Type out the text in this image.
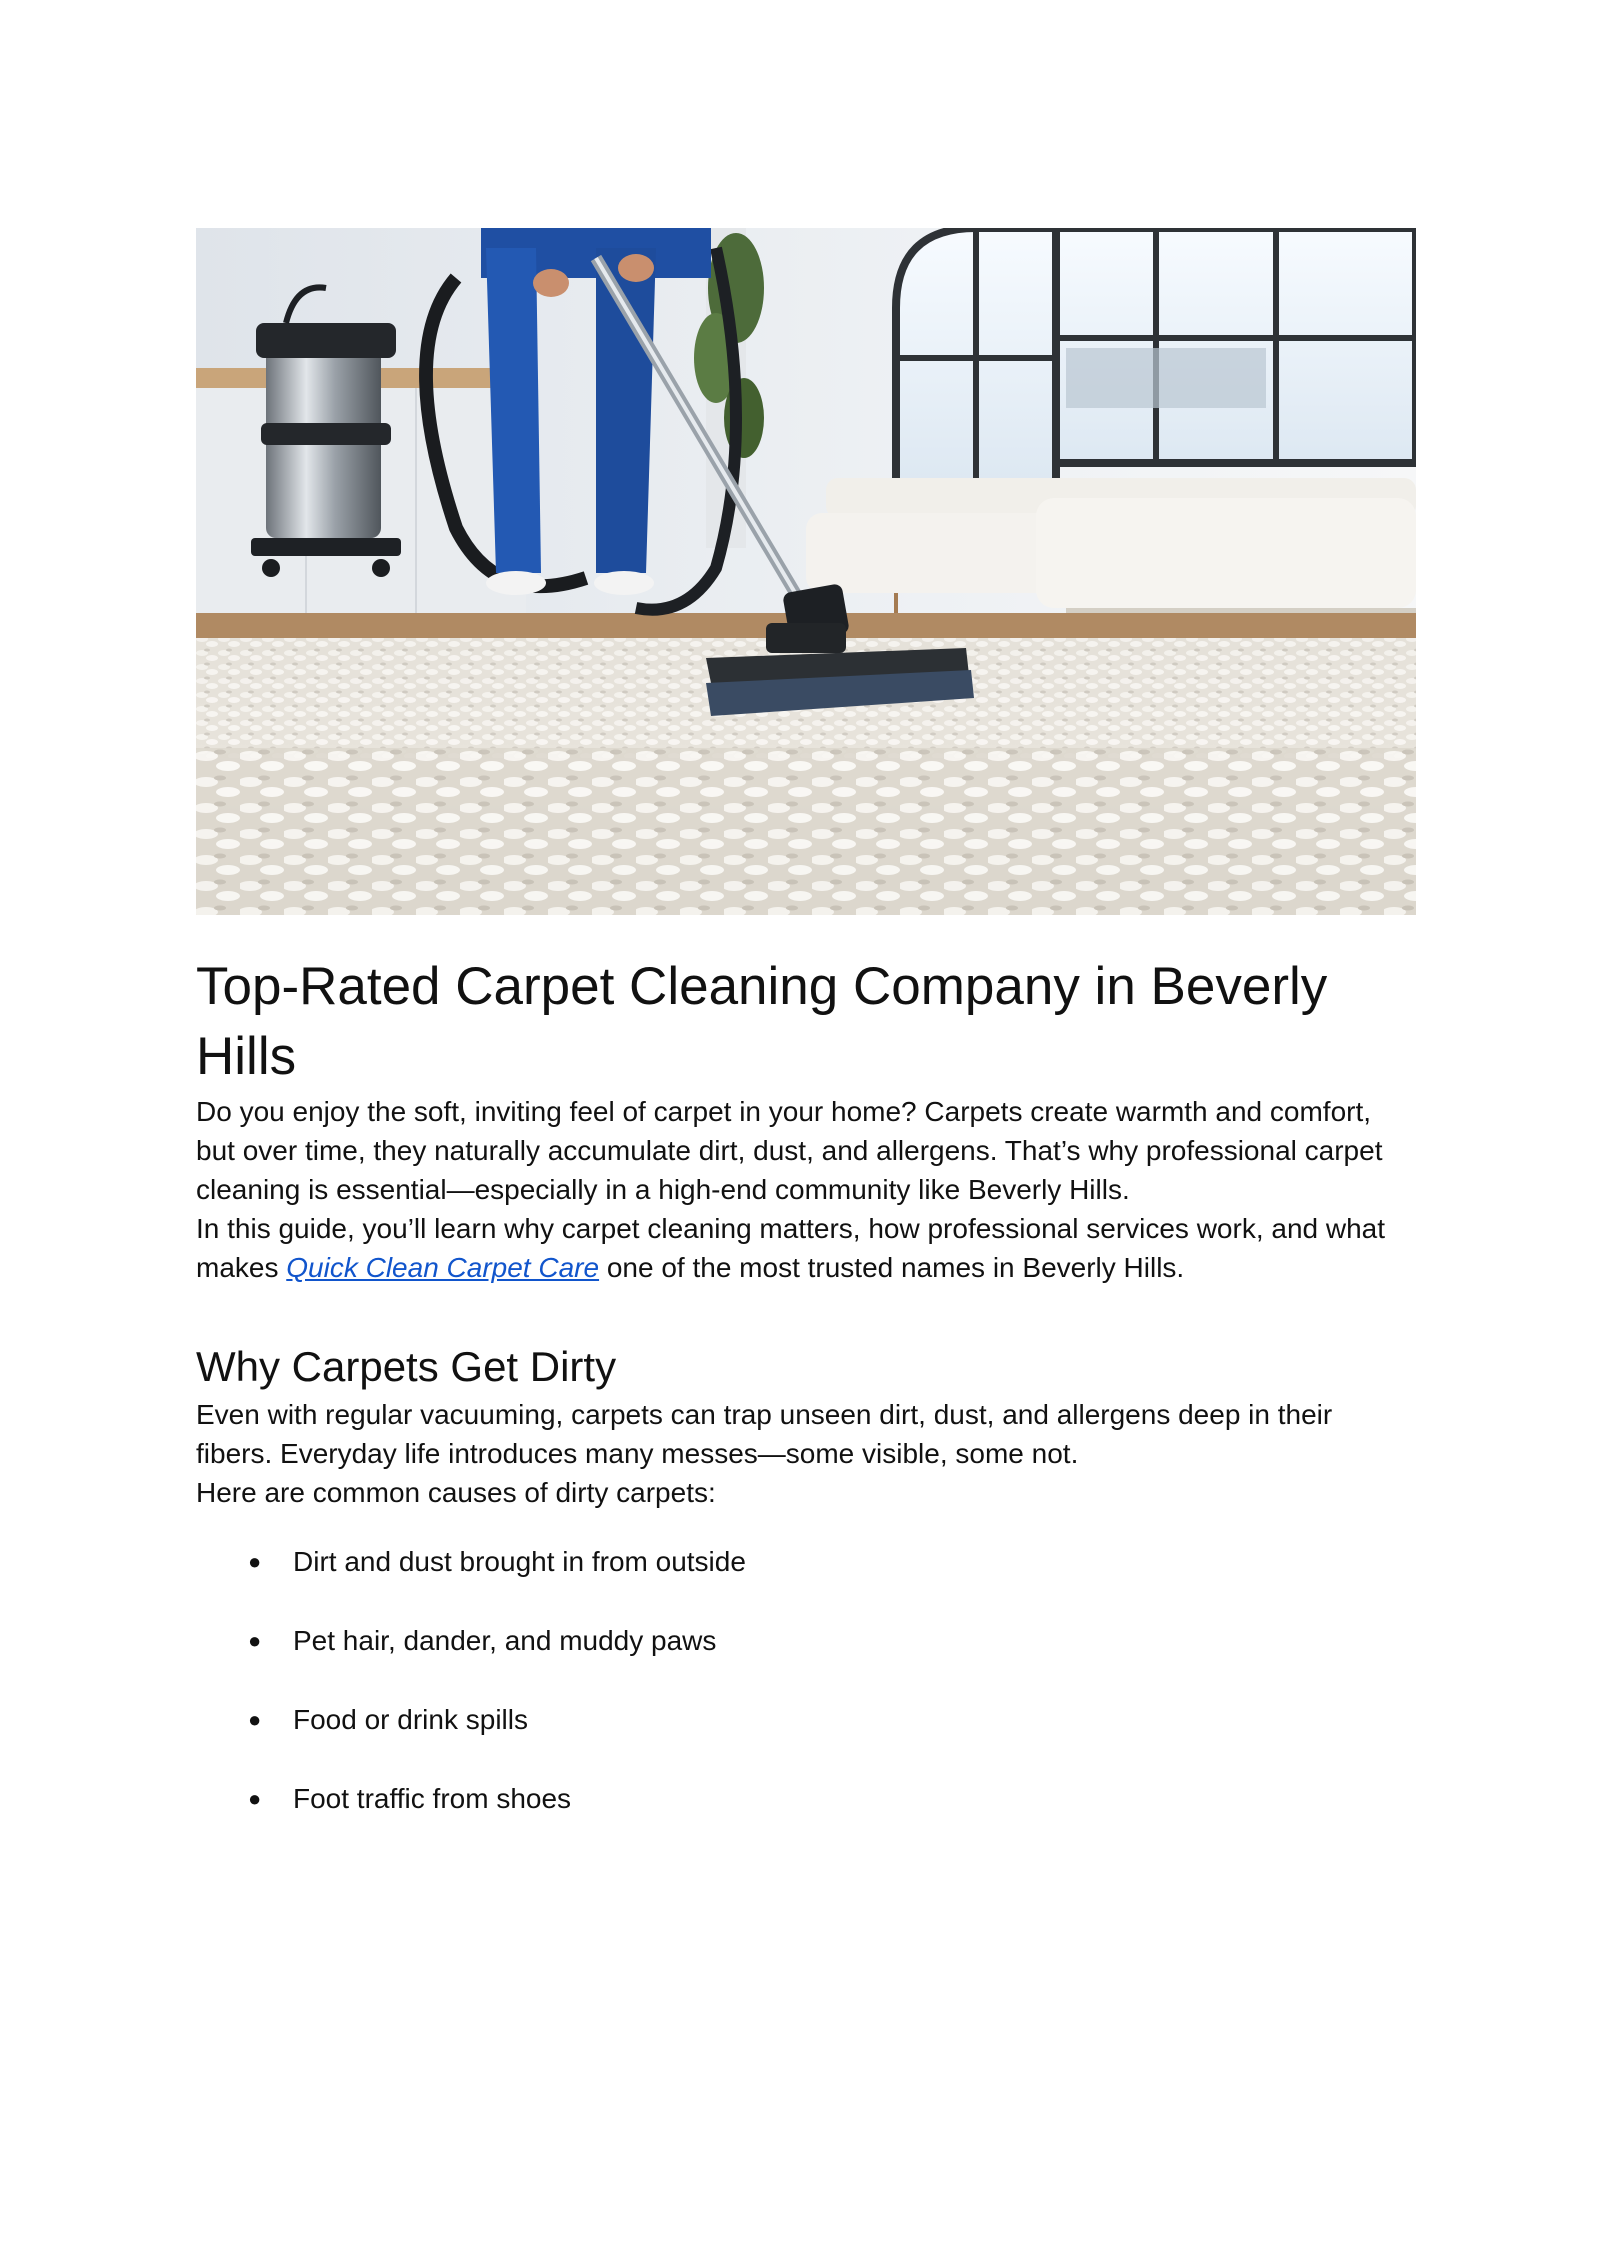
Top-Rated Carpet Cleaning Company in Beverly Hills

Do you enjoy the soft, inviting feel of carpet in your home? Carpets create warmth and comfort, but over time, they naturally accumulate dirt, dust, and allergens. That’s why professional carpet cleaning is essential—especially in a high-end community like Beverly Hills.

In this guide, you’ll learn why carpet cleaning matters, how professional services work, and what makes Quick Clean Carpet Care one of the most trusted names in Beverly Hills.

Why Carpets Get Dirty

Even with regular vacuuming, carpets can trap unseen dirt, dust, and allergens deep in their fibers. Everyday life introduces many messes—some visible, some not.

Here are common causes of dirty carpets:

● Dirt and dust brought in from outside
● Pet hair, dander, and muddy paws
● Food or drink spills
● Foot traffic from shoes
